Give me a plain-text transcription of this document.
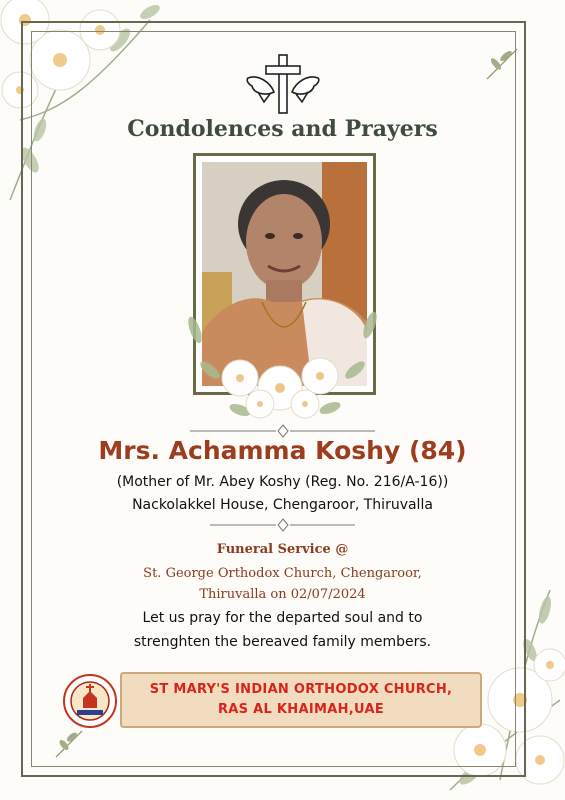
Condolences and Prayers
Mrs. Achamma Koshy (84)
(Mother of Mr. Abey Koshy (Reg. No. 216/A-16))
Nackolakkel House, Chengaroor, Thiruvalla
Funeral Service @
St. George Orthodox Church, Chengaroor,
Thiruvalla on 02/07/2024
Let us pray for the departed soul and to
strenghten the bereaved family members.
ST MARY'S INDIAN ORTHODOX CHURCH,
RAS AL KHAIMAH,UAE
